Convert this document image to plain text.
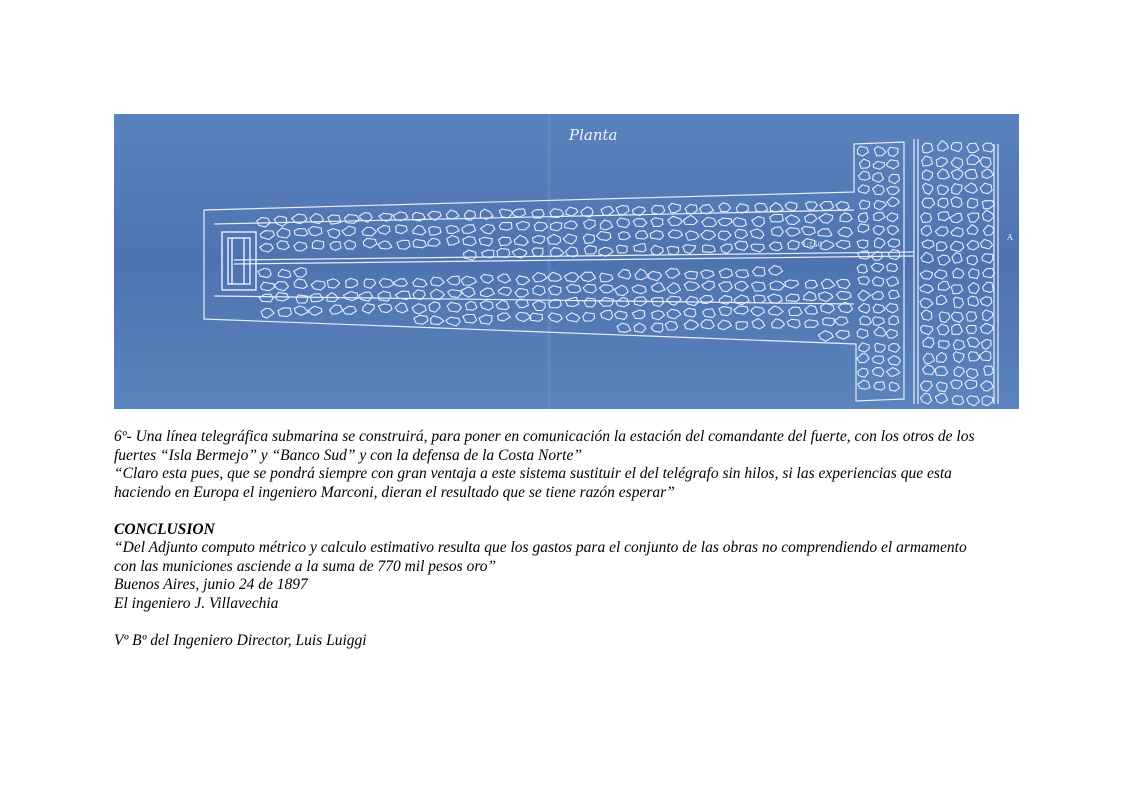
Planta
1:150
A

6º- Una línea telegráfica submarina se construirá, para poner en comunicación la estación del comandante del fuerte, con los otros de los

fuertes “Isla Bermejo” y “Banco Sud” y con la defensa de la Costa Norte”

“Claro esta pues, que se pondrá siempre con gran ventaja a este sistema sustituir el del telégrafo sin hilos, si las experiencias que esta

haciendo en Europa el ingeniero Marconi, dieran el resultado que se tiene razón esperar”

CONCLUSION

“Del Adjunto computo métrico y calculo estimativo resulta que los gastos para el conjunto de las obras no comprendiendo el armamento

con las municiones asciende a la suma de 770 mil pesos oro”

Buenos Aires, junio 24 de 1897

El ingeniero J. Villavechia

Vº Bº del Ingeniero Director, Luis Luiggi
